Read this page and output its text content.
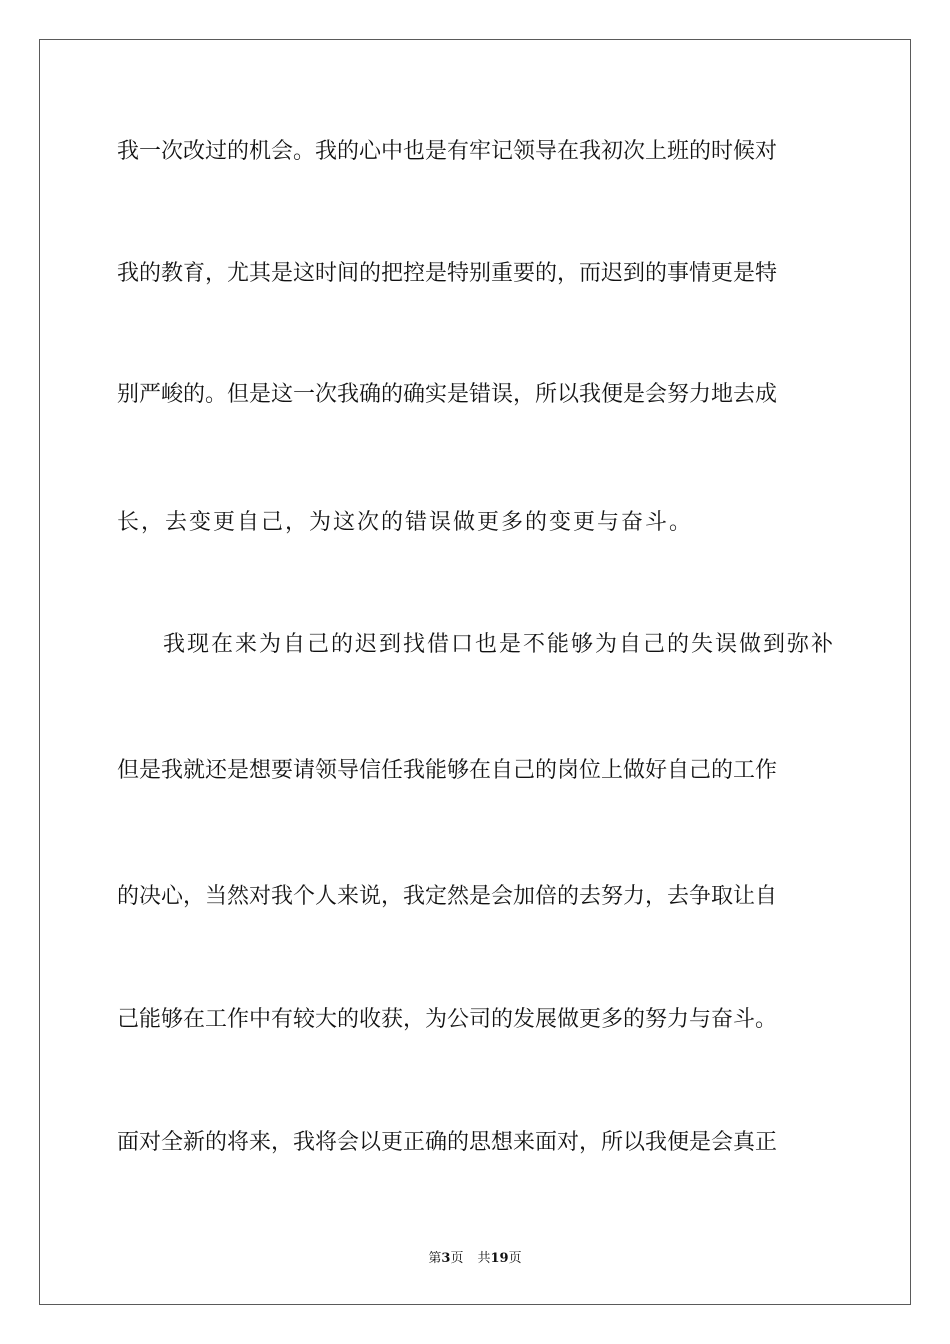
我一次改过的机会。我的心中也是有牢记领导在我初次上班的时候对

我的教育，尤其是这时间的把控是特别重要的，而迟到的事情更是特

别严峻的。但是这一次我确的确实是错误，所以我便是会努力地去成

长，去变更自己，为这次的错误做更多的变更与奋斗。

我现在来为自己的迟到找借口也是不能够为自己的失误做到弥补

但是我就还是想要请领导信任我能够在自己的岗位上做好自己的工作

的决心，当然对我个人来说，我定然是会加倍的去努力，去争取让自

己能够在工作中有较大的收获，为公司的发展做更多的努力与奋斗。

面对全新的将来，我将会以更正确的思想来面对，所以我便是会真正

第3页 共19页
